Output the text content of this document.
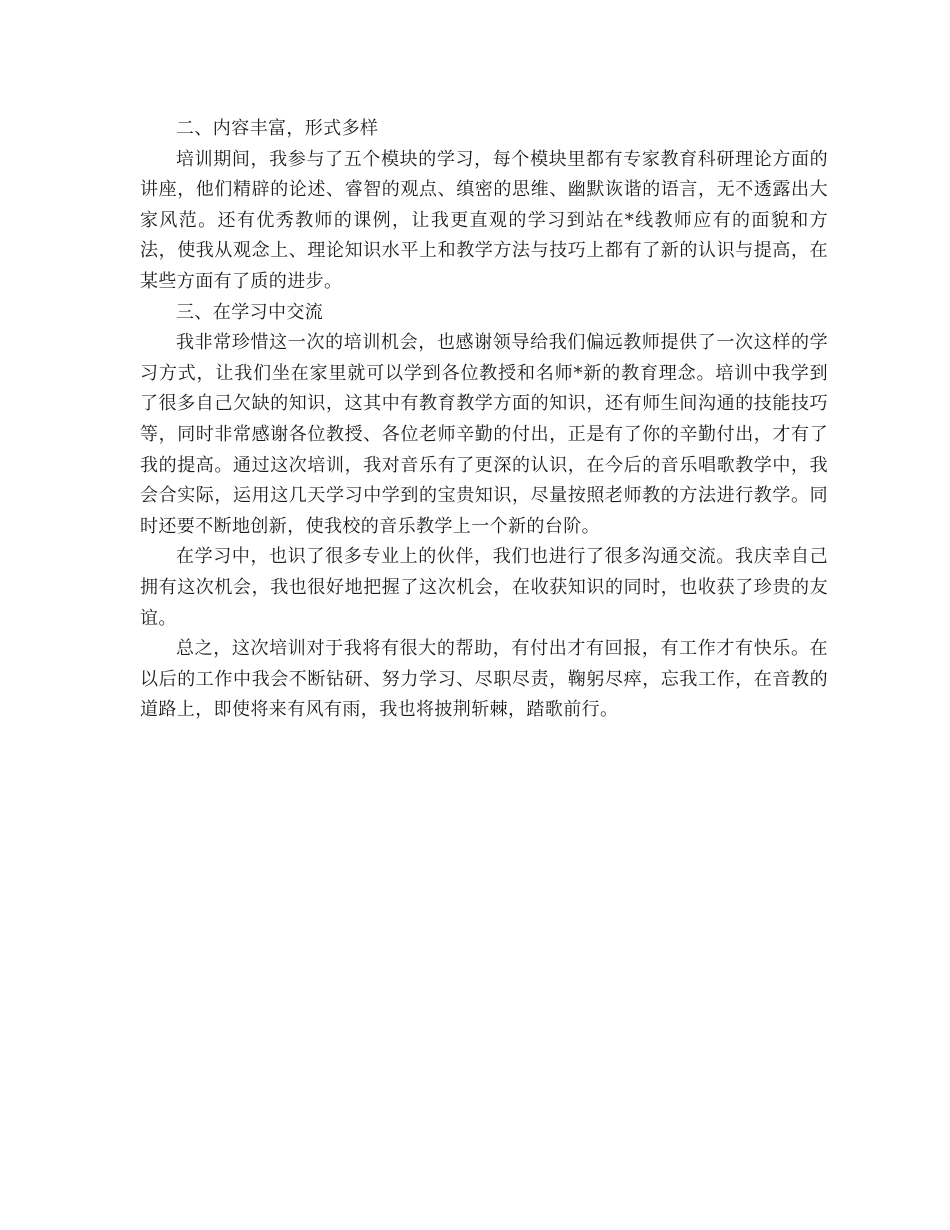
二、内容丰富，形式多样

培训期间，我参与了五个模块的学习，每个模块里都有专家教育科研理论方面的讲座，他们精辟的论述、睿智的观点、缜密的思维、幽默诙谐的语言，无不透露出大家风范。还有优秀教师的课例，让我更直观的学习到站在*线教师应有的面貌和方法，使我从观念上、理论知识水平上和教学方法与技巧上都有了新的认识与提高，在某些方面有了质的进步。

三、在学习中交流

我非常珍惜这一次的培训机会，也感谢领导给我们偏远教师提供了一次这样的学习方式，让我们坐在家里就可以学到各位教授和名师*新的教育理念。培训中我学到了很多自己欠缺的知识，这其中有教育教学方面的知识，还有师生间沟通的技能技巧等，同时非常感谢各位教授、各位老师辛勤的付出，正是有了你的辛勤付出，才有了我的提高。通过这次培训，我对音乐有了更深的认识，在今后的音乐唱歌教学中，我会合实际，运用这几天学习中学到的宝贵知识，尽量按照老师教的方法进行教学。同时还要不断地创新，使我校的音乐教学上一个新的台阶。

在学习中，也识了很多专业上的伙伴，我们也进行了很多沟通交流。我庆幸自己拥有这次机会，我也很好地把握了这次机会，在收获知识的同时，也收获了珍贵的友谊。

总之，这次培训对于我将有很大的帮助，有付出才有回报，有工作才有快乐。在以后的工作中我会不断钻研、努力学习、尽职尽责，鞠躬尽瘁，忘我工作，在音教的道路上，即使将来有风有雨，我也将披荆斩棘，踏歌前行。
